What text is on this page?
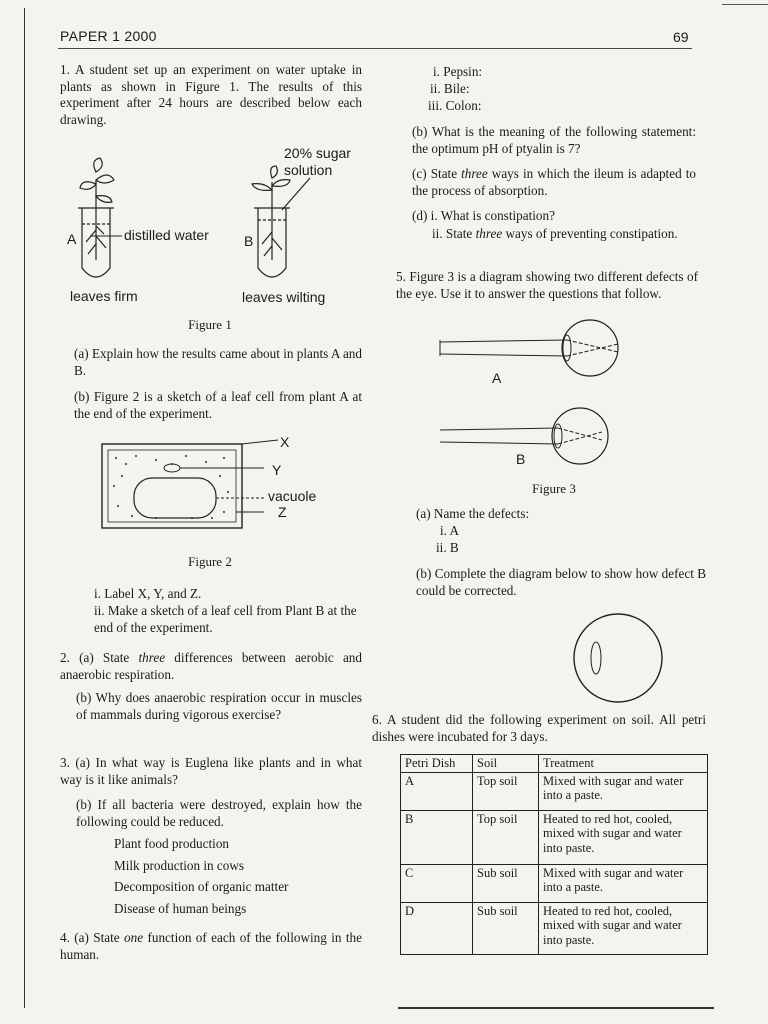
PAPER 1 2000	69
1. A student set up an experiment on water uptake in plants as shown in Figure 1. The results of this experiment after 24 hours are described below each drawing.
20% sugar solution
A	distilled water	B
leaves firm	leaves wilting
Figure 1
(a) Explain how the results came about in plants A and B.
(b) Figure 2 is a sketch of a leaf cell from plant A at the end of the experiment.
X
Y
vacuole
Z
Figure 2
i. Label X, Y, and Z.
ii. Make a sketch of a leaf cell from Plant B at the end of the experiment.
2. (a) State three differences between aerobic and anaerobic respiration.
(b) Why does anaerobic respiration occur in muscles of mammals during vigorous exercise?
3. (a) In what way is Euglena like plants and in what way is it like animals?
(b) If all bacteria were destroyed, explain how the following could be reduced.
Plant food production
Milk production in cows
Decomposition of organic matter
Disease of human beings
4. (a) State one function of each of the following in the human.
i. Pepsin:
ii. Bile:
iii. Colon:
(b) What is the meaning of the following statement: the optimum pH of ptyalin is 7?
(c) State three ways in which the ileum is adapted to the process of absorption.
(d) i. What is constipation?
ii. State three ways of preventing constipation.
5. Figure 3 is a diagram showing two different defects of the eye. Use it to answer the questions that follow.
A
B
Figure 3
(a) Name the defects:
i. A
ii. B
(b) Complete the diagram below to show how defect B could be corrected.
6. A student did the following experiment on soil. All petri dishes were incubated for 3 days.
Petri Dish	Soil	Treatment
A	Top soil	Mixed with sugar and water into a paste.
B	Top soil	Heated to red hot, cooled, mixed with sugar and water into paste.
C	Sub soil	Mixed with sugar and water into a paste.
D	Sub soil	Heated to red hot, cooled, mixed with sugar and water into paste.
